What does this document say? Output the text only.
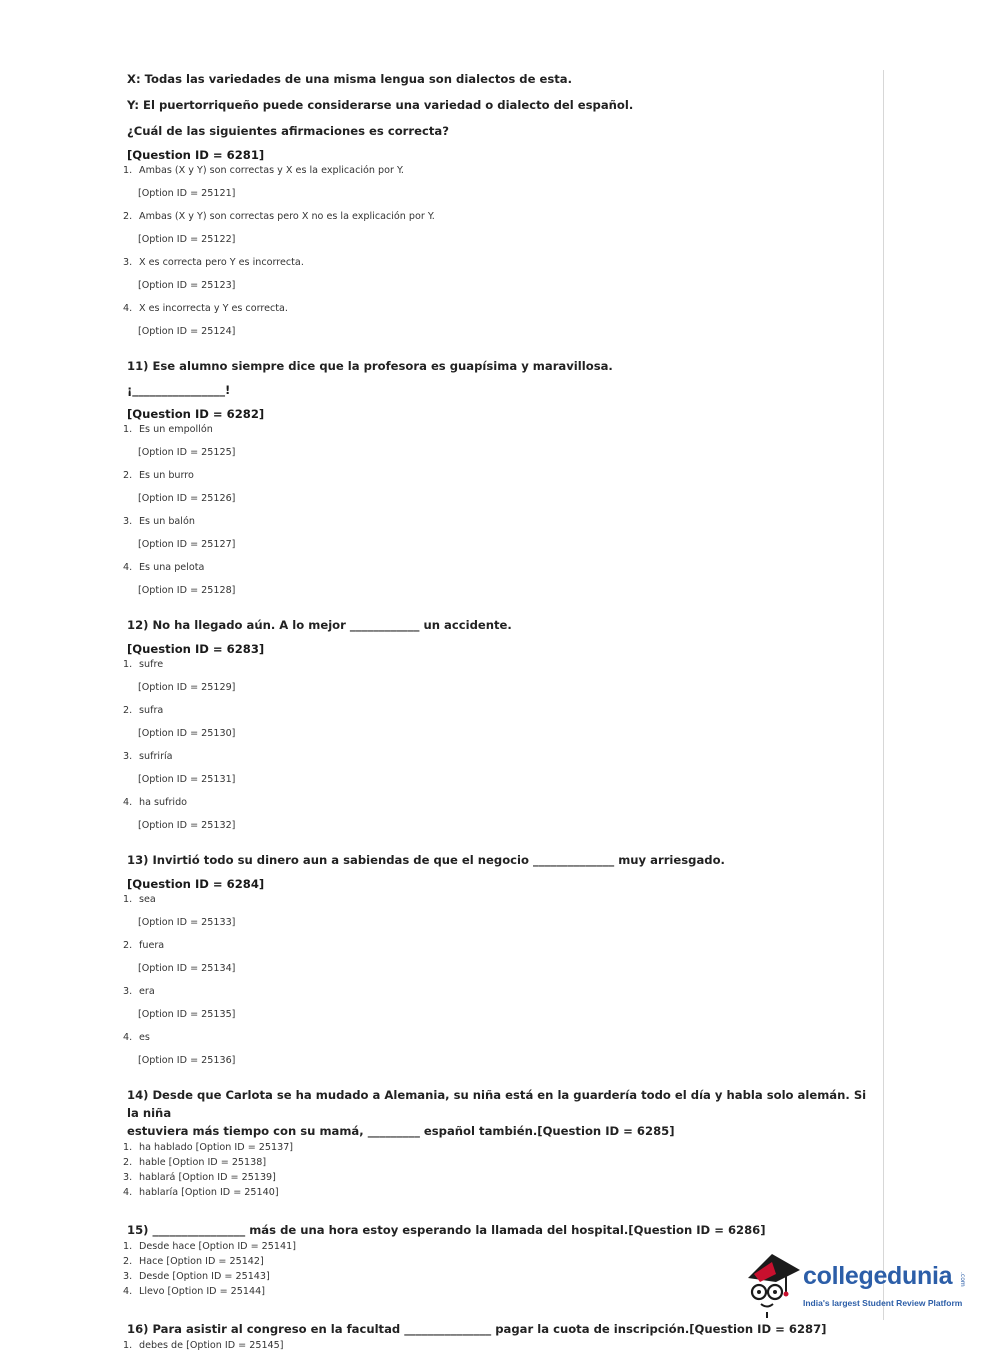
X: Todas las variedades de una misma lengua son dialectos de esta.

Y: El puertorriqueño puede considerarse una variedad o dialecto del español.

¿Cuál de las siguientes afirmaciones es correcta?

[Question ID = 6281]

1. Ambas (X y Y) son correctas y X es la explicación por Y.
[Option ID = 25121]
2. Ambas (X y Y) son correctas pero X no es la explicación por Y.
[Option ID = 25122]
3. X es correcta pero Y es incorrecta.
[Option ID = 25123]
4. X es incorrecta y Y es correcta.
[Option ID = 25124]

11) Ese alumno siempre dice que la profesora es guapísima y maravillosa.

¡________________!

[Question ID = 6282]

1. Es un empollón
[Option ID = 25125]
2. Es un burro
[Option ID = 25126]
3. Es un balón
[Option ID = 25127]
4. Es una pelota
[Option ID = 25128]

12) No ha llegado aún. A lo mejor ____________ un accidente.

[Question ID = 6283]

1. sufre
[Option ID = 25129]
2. sufra
[Option ID = 25130]
3. sufriría
[Option ID = 25131]
4. ha sufrido
[Option ID = 25132]

13) Invirtió todo su dinero aun a sabiendas de que el negocio ______________ muy arriesgado.

[Question ID = 6284]

1. sea
[Option ID = 25133]
2. fuera
[Option ID = 25134]
3. era
[Option ID = 25135]
4. es
[Option ID = 25136]

14) Desde que Carlota se ha mudado a Alemania, su niña está en la guardería todo el día y habla solo alemán. Si la niña

estuviera más tiempo con su mamá, _________ español también.[Question ID = 6285]

1. ha hablado [Option ID = 25137]
2. hable [Option ID = 25138]
3. hablará [Option ID = 25139]
4. hablaría [Option ID = 25140]

15) ________________ más de una hora estoy esperando la llamada del hospital.[Question ID = 6286]

1. Desde hace [Option ID = 25141]
2. Hace [Option ID = 25142]
3. Desde [Option ID = 25143]
4. Llevo [Option ID = 25144]

16) Para asistir al congreso en la facultad _______________ pagar la cuota de inscripción.[Question ID = 6287]

1. debes de [Option ID = 25145]
collegedunia .com
India's largest Student Review Platform
